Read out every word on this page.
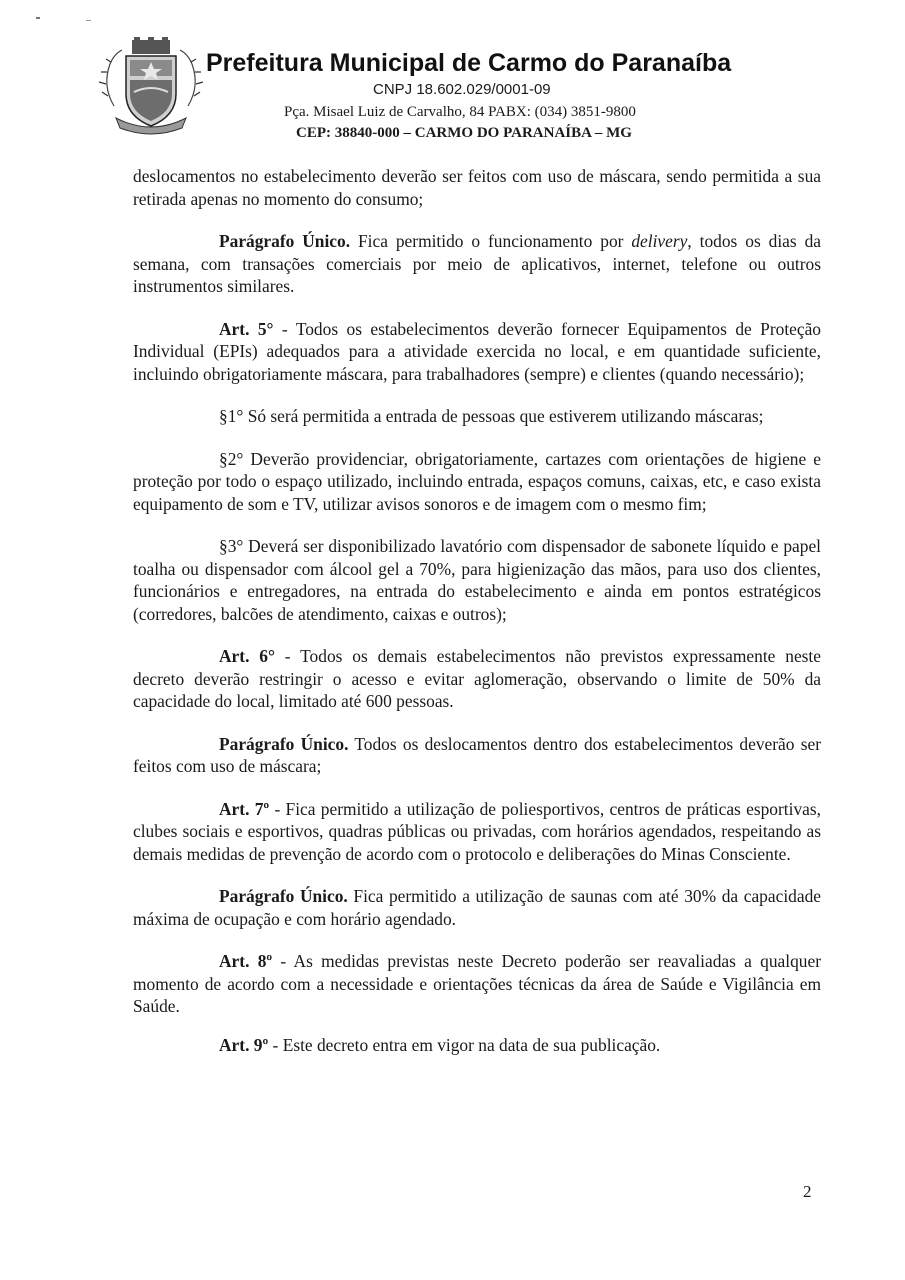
Prefeitura Municipal de Carmo do Paranaíba
CNPJ 18.602.029/0001-09
Pça. Misael Luiz de Carvalho, 84 PABX: (034) 3851-9800
CEP: 38840-000 – CARMO DO PARANAÍBA – MG

deslocamentos no estabelecimento deverão ser feitos com uso de máscara, sendo permitida a sua retirada apenas no momento do consumo;

Parágrafo Único. Fica permitido o funcionamento por delivery, todos os dias da semana, com transações comerciais por meio de aplicativos, internet, telefone ou outros instrumentos similares.

Art. 5° - Todos os estabelecimentos deverão fornecer Equipamentos de Proteção Individual (EPIs) adequados para a atividade exercida no local, e em quantidade suficiente, incluindo obrigatoriamente máscara, para trabalhadores (sempre) e clientes (quando necessário);

§1° Só será permitida a entrada de pessoas que estiverem utilizando máscaras;

§2° Deverão providenciar, obrigatoriamente, cartazes com orientações de higiene e proteção por todo o espaço utilizado, incluindo entrada, espaços comuns, caixas, etc, e caso exista equipamento de som e TV, utilizar avisos sonoros e de imagem com o mesmo fim;

§3° Deverá ser disponibilizado lavatório com dispensador de sabonete líquido e papel toalha ou dispensador com álcool gel a 70%, para higienização das mãos, para uso dos clientes, funcionários e entregadores, na entrada do estabelecimento e ainda em pontos estratégicos (corredores, balcões de atendimento, caixas e outros);

Art. 6° - Todos os demais estabelecimentos não previstos expressamente neste decreto deverão restringir o acesso e evitar aglomeração, observando o limite de 50% da capacidade do local, limitado até 600 pessoas.

Parágrafo Único. Todos os deslocamentos dentro dos estabelecimentos deverão ser feitos com uso de máscara;

Art. 7º - Fica permitido a utilização de poliesportivos, centros de práticas esportivas, clubes sociais e esportivos, quadras públicas ou privadas, com horários agendados, respeitando as demais medidas de prevenção de acordo com o protocolo e deliberações do Minas Consciente.

Parágrafo Único. Fica permitido a utilização de saunas com até 30% da capacidade máxima de ocupação e com horário agendado.

Art. 8º - As medidas previstas neste Decreto poderão ser reavaliadas a qualquer momento de acordo com a necessidade e orientações técnicas da área de Saúde e Vigilância em Saúde.

Art. 9º - Este decreto entra em vigor na data de sua publicação.

2
